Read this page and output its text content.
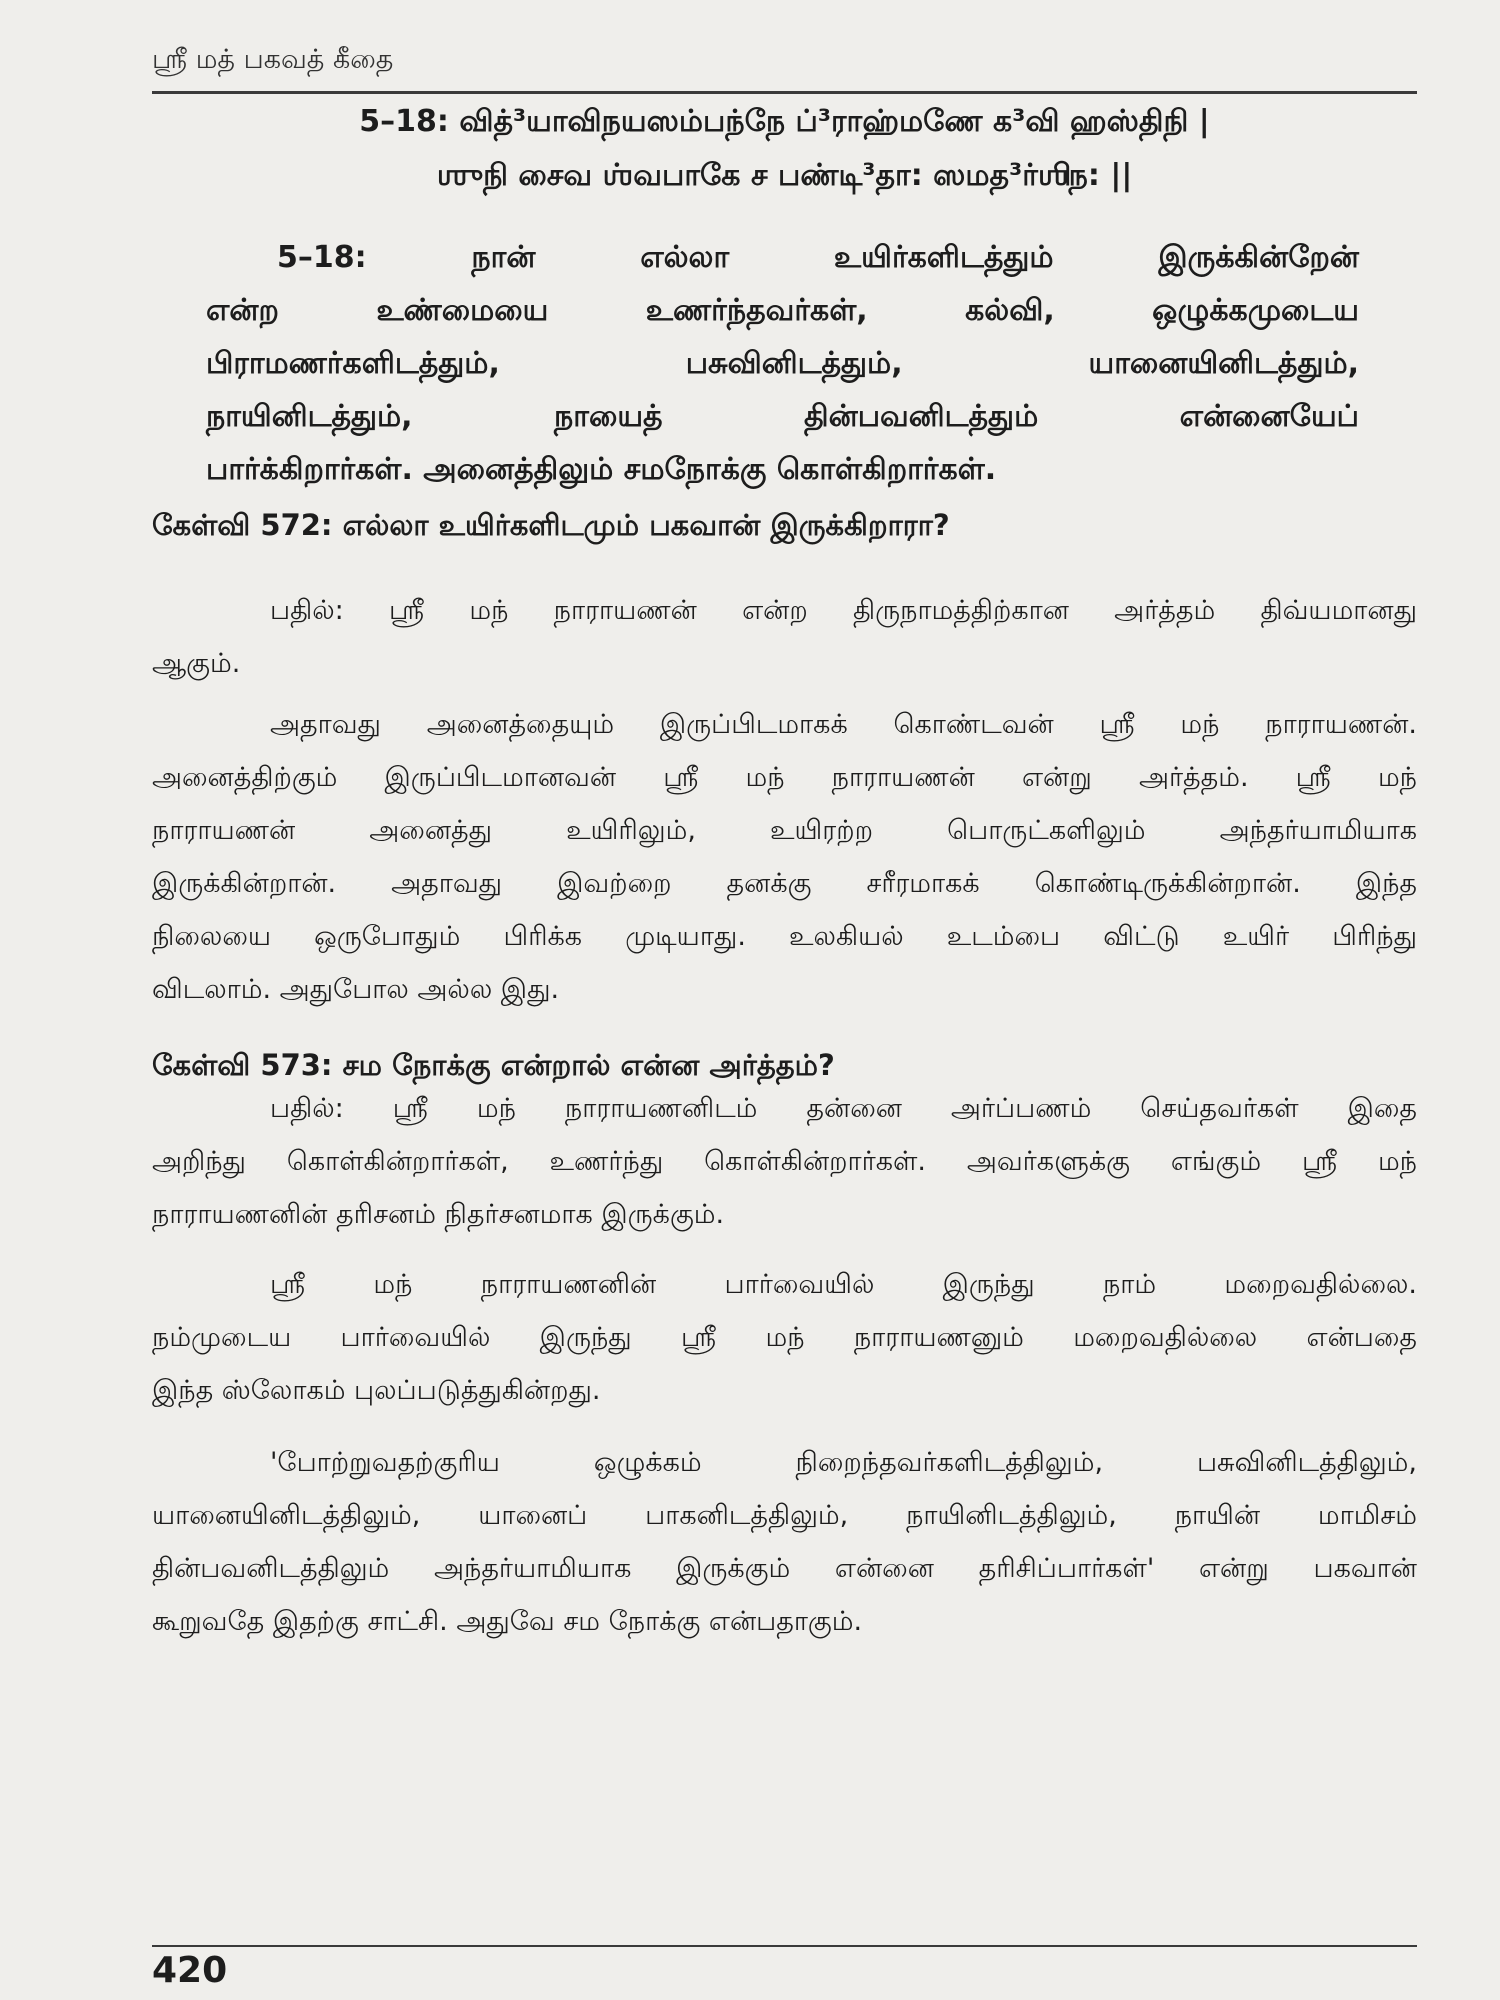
ஸ்ரீ மத் பகவத் கீதை
5–18: வித்³யாவிநயஸம்பந்நே ப்³ராஹ்மணே க³வி ஹஸ்திநி |
ஶுநி சைவ ஶ்வபாகே ச பண்டி³தா: ஸமத³ர்ஶிந: ||
5–18: நான் எல்லா உயிர்களிடத்தும் இருக்கின்றேன்
என்ற உண்மையை உணர்ந்தவர்கள், கல்வி, ஒழுக்கமுடைய
பிராமணர்களிடத்தும், பசுவினிடத்தும், யானையினிடத்தும்,
நாயினிடத்தும், நாயைத் தின்பவனிடத்தும் என்னையேப்
பார்க்கிறார்கள். அனைத்திலும் சமநோக்கு கொள்கிறார்கள்.
கேள்வி 572: எல்லா உயிர்களிடமும் பகவான் இருக்கிறாரா?
பதில்: ஸ்ரீ மந் நாராயணன் என்ற திருநாமத்திற்கான அர்த்தம் திவ்யமானது
ஆகும்.
அதாவது அனைத்தையும் இருப்பிடமாகக் கொண்டவன் ஸ்ரீ மந் நாராயணன்.
அனைத்திற்கும் இருப்பிடமானவன் ஸ்ரீ மந் நாராயணன் என்று அர்த்தம். ஸ்ரீ மந்
நாராயணன் அனைத்து உயிரிலும், உயிரற்ற பொருட்களிலும் அந்தர்யாமியாக
இருக்கின்றான். அதாவது இவற்றை தனக்கு சரீரமாகக் கொண்டிருக்கின்றான். இந்த
நிலையை ஒருபோதும் பிரிக்க முடியாது. உலகியல் உடம்பை விட்டு உயிர் பிரிந்து
விடலாம். அதுபோல அல்ல இது.
கேள்வி 573: சம நோக்கு என்றால் என்ன அர்த்தம்?
பதில்: ஸ்ரீ மந் நாராயணனிடம் தன்னை அர்ப்பணம் செய்தவர்கள் இதை
அறிந்து கொள்கின்றார்கள், உணர்ந்து கொள்கின்றார்கள். அவர்களுக்கு எங்கும் ஸ்ரீ மந்
நாராயணனின் தரிசனம் நிதர்சனமாக இருக்கும்.
ஸ்ரீ மந் நாராயணனின் பார்வையில் இருந்து நாம் மறைவதில்லை.
நம்முடைய பார்வையில் இருந்து ஸ்ரீ மந் நாராயணனும் மறைவதில்லை என்பதை
இந்த ஸ்லோகம் புலப்படுத்துகின்றது.
'போற்றுவதற்குரிய ஒழுக்கம் நிறைந்தவர்களிடத்திலும், பசுவினிடத்திலும்,
யானையினிடத்திலும், யானைப் பாகனிடத்திலும், நாயினிடத்திலும், நாயின் மாமிசம்
தின்பவனிடத்திலும் அந்தர்யாமியாக இருக்கும் என்னை தரிசிப்பார்கள்' என்று பகவான்
கூறுவதே இதற்கு சாட்சி. அதுவே சம நோக்கு என்பதாகும்.
420
